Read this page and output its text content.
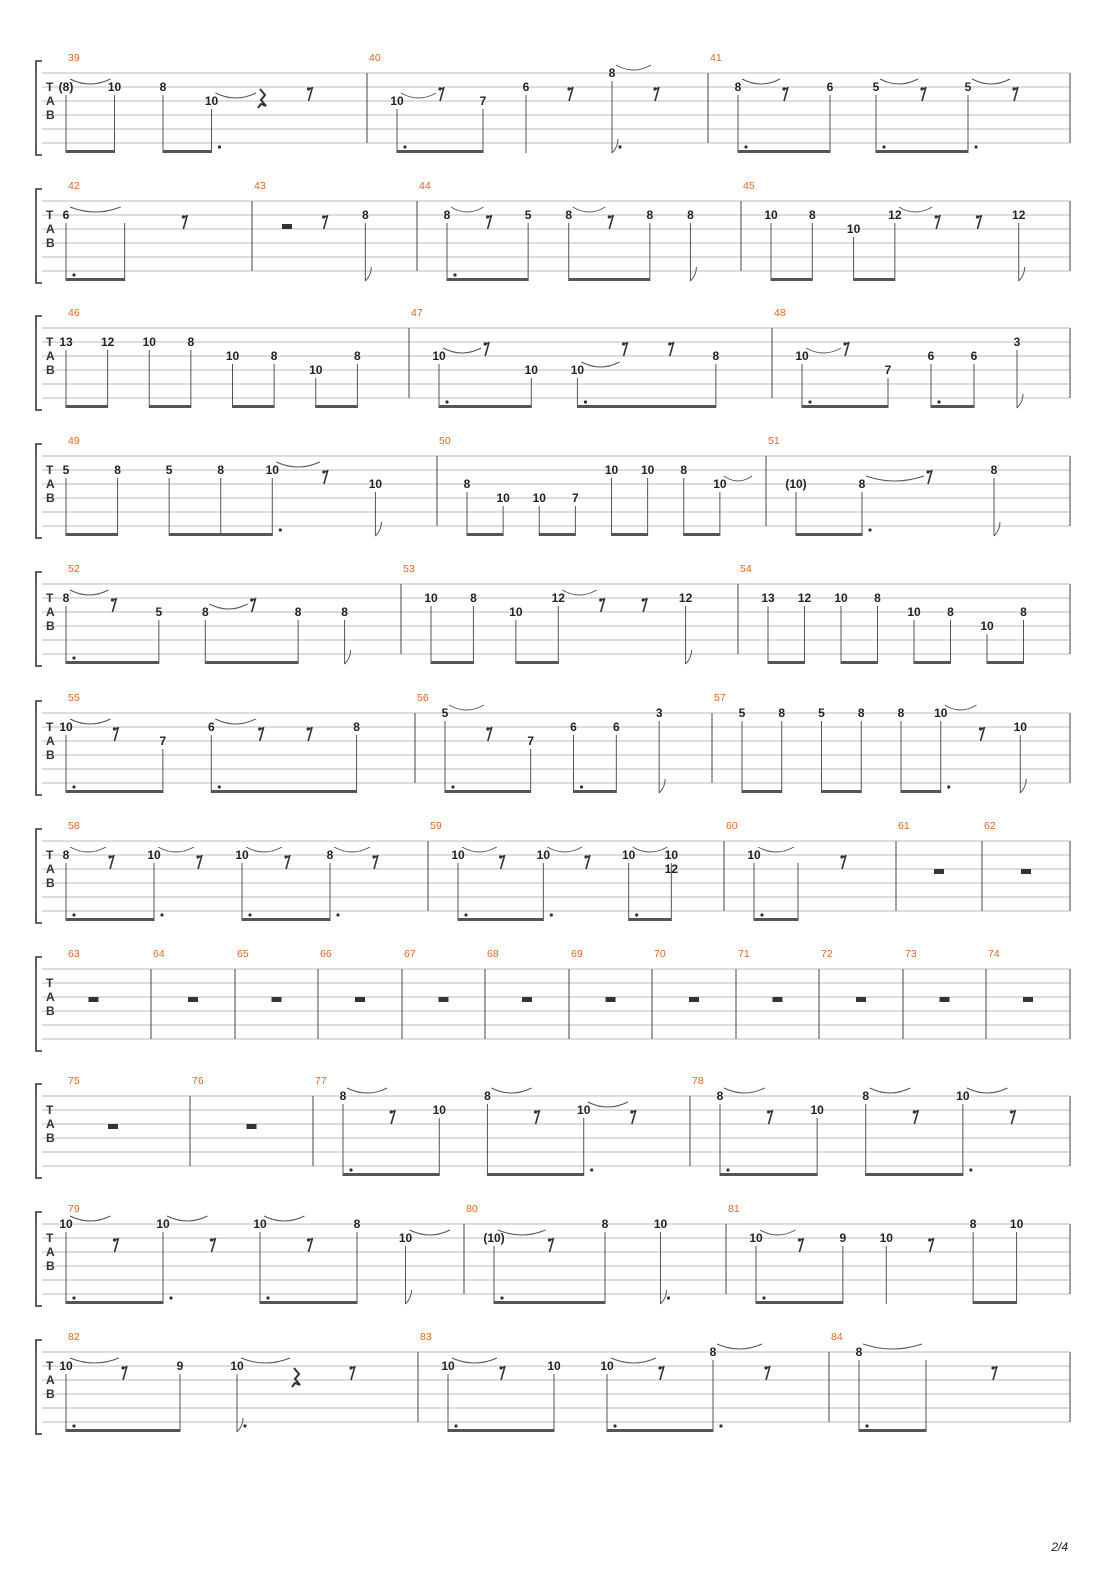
T
A
B
39
(8)	10	8
10
40
10	7
6
8
41
8	6	5	5
T
A
B
42
6
43
8
44
8	5	8	8	8
45
10	8
10
12	12
T
A
B
46
13 12 10	8
10	8
10
8
47
10
10	10
8
48
10
7
6	6
3
T
A
B
49
5	8	5	8	10
10
50
8
10 10 7
10 10 8
10
51
(10)	8
8
T
A
B
52
8
5	8	8	8
53
10	8
10
12	12
54
13 12 10 8
10 8
10
8
T
A
B
55
10
7
6	8
56
5
7
6	6
3
57
5	8	5	8	8 10
10
T
A
B
58
8	10	10	8
59
10	10	10 10
12
60
10
61	62
T
A
B
63	64	65	66	67	68	69	70	71	72	73	74
T
A
B
75	76	77
8
10
8
10
78
8
10
8	10
T
A
B
79
10	10	10	8
10
80
(10)
8	10
81
10	9	10
8	10
T
A
B
82
10	9	10
83
10	10	10
8
84
8
2/4
